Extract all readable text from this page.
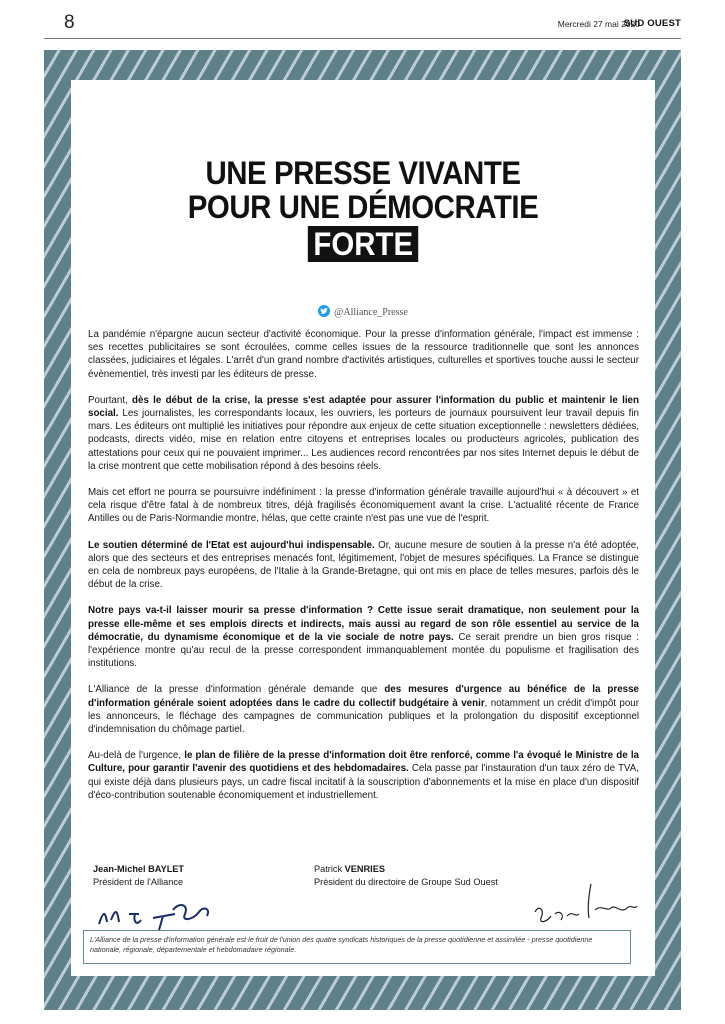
8	Mercredi 27 mai 2020
SUD OUEST
UNE PRESSE VIVANTE
POUR UNE DÉMOCRATIE
FORTE
@Alliance_Presse

La pandémie n'épargne aucun secteur d'activité économique. Pour la presse d'information générale, l'impact est immense : ses recettes publicitaires se sont écroulées, comme celles issues de la ressource traditionnelle que sont les annonces classées, judiciaires et légales. L'arrêt d'un grand nombre d'activités artistiques, culturelles et sportives touche aussi le secteur évènementiel, très investi par les éditeurs de presse.

Pourtant, dès le début de la crise, la presse s'est adaptée pour assurer l'information du public et maintenir le lien social. Les journalistes, les correspondants locaux, les ouvriers, les porteurs de journaux poursuivent leur travail depuis fin mars. Les éditeurs ont multiplié les initiatives pour répondre aux enjeux de cette situation exceptionnelle : newsletters dédiées, podcasts, directs vidéo, mise en relation entre citoyens et entreprises locales ou producteurs agricoles, publication des attestations pour ceux qui ne pouvaient imprimer... Les audiences record rencontrées par nos sites Internet depuis le début de la crise montrent que cette mobilisation répond à des besoins réels.

Mais cet effort ne pourra se poursuivre indéfiniment : la presse d'information générale travaille aujourd'hui « à découvert » et cela risque d'être fatal à de nombreux titres, déjà fragilisés économiquement avant la crise. L'actualité récente de France Antilles ou de Paris-Normandie montre, hélas, que cette crainte n'est pas une vue de l'esprit.

Le soutien déterminé de l'Etat est aujourd'hui indispensable. Or, aucune mesure de soutien à la presse n'a été adoptée, alors que des secteurs et des entreprises menacés font, légitimement, l'objet de mesures spécifiques. La France se distingue en cela de nombreux pays européens, de l'Italie à la Grande-Bretagne, qui ont mis en place de telles mesures, parfois dès le début de la crise.

Notre pays va-t-il laisser mourir sa presse d'information ? Cette issue serait dramatique, non seulement pour la presse elle-même et ses emplois directs et indirects, mais aussi au regard de son rôle essentiel au service de la démocratie, du dynamisme économique et de la vie sociale de notre pays. Ce serait prendre un bien gros risque : l'expérience montre qu'au recul de la presse correspondent immanquablement montée du populisme et fragilisation des institutions.

L'Alliance de la presse d'information générale demande que des mesures d'urgence au bénéfice de la presse d'information générale soient adoptées dans le cadre du collectif budgétaire à venir, notamment un crédit d'impôt pour les annonceurs, le fléchage des campagnes de communication publiques et la prolongation du dispositif exceptionnel d'indemnisation du chômage partiel.

Au-delà de l'urgence, le plan de filière de la presse d'information doit être renforcé, comme l'a évoqué le Ministre de la Culture, pour garantir l'avenir des quotidiens et des hebdomadaires. Cela passe par l'instauration d'un taux zéro de TVA, qui existe déjà dans plusieurs pays, un cadre fiscal incitatif à la souscription d'abonnements et la mise en place d'un dispositif d'éco-contribution soutenable économiquement et industriellement.

Jean-Michel BAYLET
Président de l'Alliance
Patrick VENRIES
Président du directoire de Groupe Sud Ouest
L'Alliance de la presse d'information générale est le fruit de l'union des quatre syndicats historiques de la presse quotidienne et assimilée - presse quotidienne nationale, régionale, départementale et hebdomadaire régionale.
